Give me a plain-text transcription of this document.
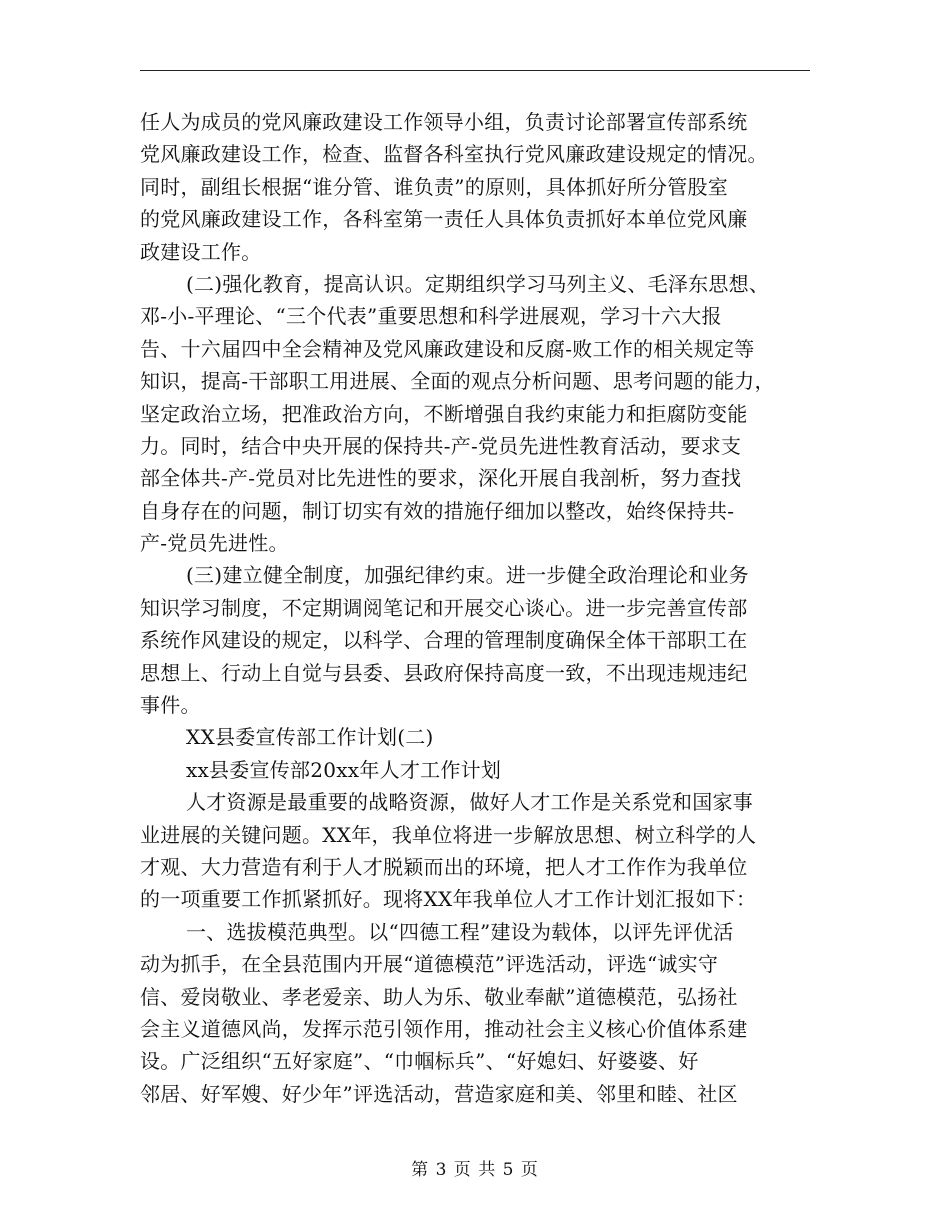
任人为成员的党风廉政建设工作领导小组，负责讨论部署宣传部系统
党风廉政建设工作，检查、监督各科室执行党风廉政建设规定的情况。
同时，副组长根据“谁分管、谁负责”的原则，具体抓好所分管股室
的党风廉政建设工作，各科室第一责任人具体负责抓好本单位党风廉
政建设工作。
(二)强化教育，提高认识。定期组织学习马列主义、毛泽东思想、
邓-小-平理论、“三个代表”重要思想和科学进展观，学习十六大报
告、十六届四中全会精神及党风廉政建设和反腐-败工作的相关规定等
知识，提高-干部职工用进展、全面的观点分析问题、思考问题的能力，
坚定政治立场，把准政治方向，不断增强自我约束能力和拒腐防变能
力。同时，结合中央开展的保持共-产-党员先进性教育活动，要求支
部全体共-产-党员对比先进性的要求，深化开展自我剖析，努力查找
自身存在的问题，制订切实有效的措施仔细加以整改，始终保持共-
产-党员先进性。
(三)建立健全制度，加强纪律约束。进一步健全政治理论和业务
知识学习制度，不定期调阅笔记和开展交心谈心。进一步完善宣传部
系统作风建设的规定，以科学、合理的管理制度确保全体干部职工在
思想上、行动上自觉与县委、县政府保持高度一致，不出现违规违纪
事件。
XX县委宣传部工作计划(二)
xx县委宣传部20xx年人才工作计划
人才资源是最重要的战略资源，做好人才工作是关系党和国家事
业进展的关键问题。XX年，我单位将进一步解放思想、树立科学的人
才观、大力营造有利于人才脱颖而出的环境，把人才工作作为我单位
的一项重要工作抓紧抓好。现将XX年我单位人才工作计划汇报如下：
一、选拔模范典型。以“四德工程”建设为载体，以评先评优活
动为抓手，在全县范围内开展“道德模范”评选活动，评选“诚实守
信、爱岗敬业、孝老爱亲、助人为乐、敬业奉献”道德模范，弘扬社
会主义道德风尚，发挥示范引领作用，推动社会主义核心价值体系建
设。广泛组织“五好家庭”、“巾帼标兵”、“好媳妇、好婆婆、好
邻居、好军嫂、好少年”评选活动，营造家庭和美、邻里和睦、社区
第 3 页 共 5 页
